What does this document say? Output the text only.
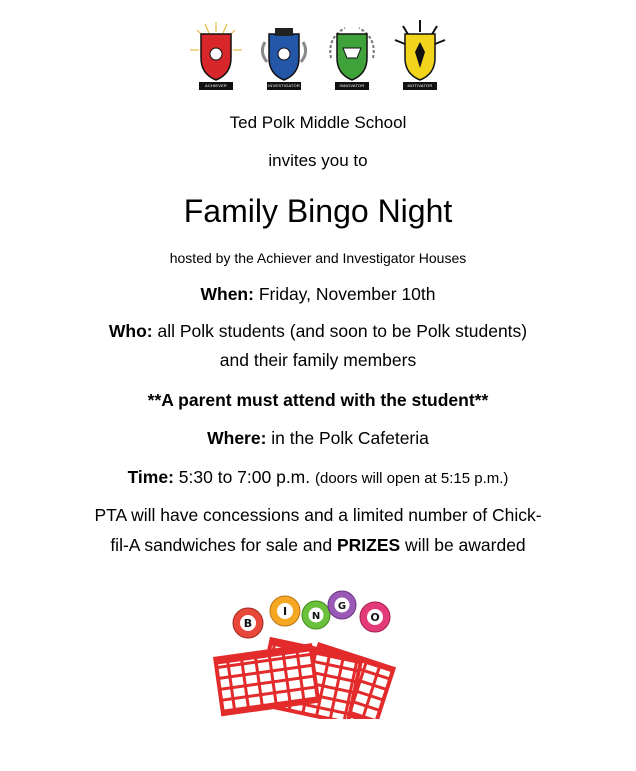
ACHIEVER	INVESTIGATOR	INNOVATOR	MOTIVATOR
Ted Polk Middle School
invites you to
Family Bingo Night
hosted by the Achiever and Investigator Houses
When: Friday, November 10th
Who: all Polk students (and soon to be Polk students)
and their family members
**A parent must attend with the student**
Where: in the Polk Cafeteria
Time: 5:30 to 7:00 p.m. (doors will open at 5:15 p.m.)
PTA will have concessions and a limited number of Chick-
fil-A sandwiches for sale and PRIZES will be awarded
B
I N
G
O
